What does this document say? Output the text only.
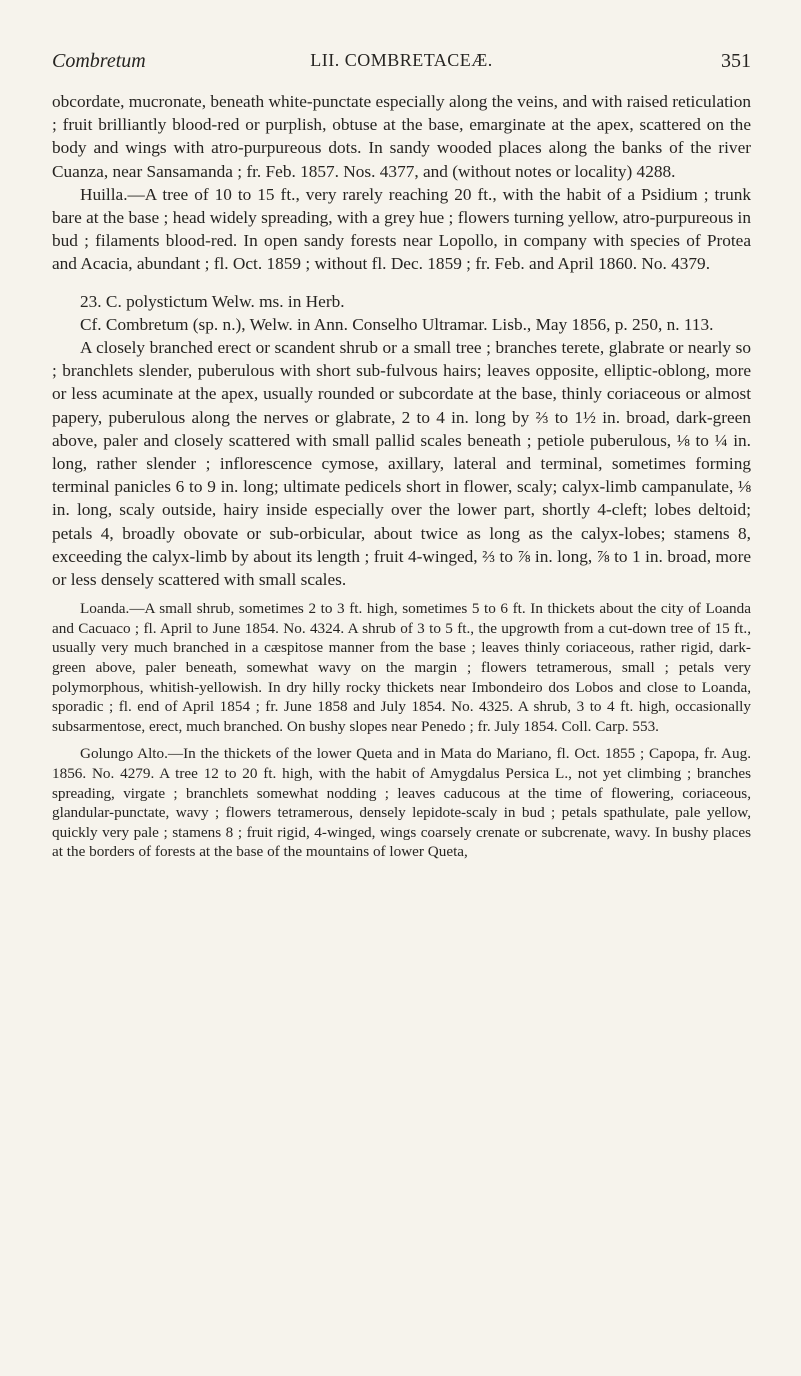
Combretum	LII. COMBRETACEÆ.	351

obcordate, mucronate, beneath white-punctate especially along the veins, and with raised reticulation ; fruit brilliantly blood-red or purplish, obtuse at the base, emarginate at the apex, scattered on the body and wings with atro-purpureous dots. In sandy wooded places along the banks of the river Cuanza, near Sansamanda ; fr. Feb. 1857. Nos. 4377, and (without notes or locality) 4288.

Huilla.—A tree of 10 to 15 ft., very rarely reaching 20 ft., with the habit of a Psidium ; trunk bare at the base ; head widely spreading, with a grey hue ; flowers turning yellow, atro-purpureous in bud ; filaments blood-red. In open sandy forests near Lopollo, in company with species of Protea and Acacia, abundant ; fl. Oct. 1859 ; without fl. Dec. 1859 ; fr. Feb. and April 1860. No. 4379.

23. C. polystictum Welw. ms. in Herb.

Cf. Combretum (sp. n.), Welw. in Ann. Conselho Ultramar. Lisb., May 1856, p. 250, n. 113.

A closely branched erect or scandent shrub or a small tree ; branches terete, glabrate or nearly so ; branchlets slender, puberulous with short sub-fulvous hairs; leaves opposite, elliptic-oblong, more or less acuminate at the apex, usually rounded or subcordate at the base, thinly coriaceous or almost papery, puberulous along the nerves or glabrate, 2 to 4 in. long by ⅔ to 1½ in. broad, dark-green above, paler and closely scattered with small pallid scales beneath ; petiole puberulous, ⅛ to ¼ in. long, rather slender ; inflorescence cymose, axillary, lateral and terminal, sometimes forming terminal panicles 6 to 9 in. long; ultimate pedicels short in flower, scaly; calyx-limb campanulate, ⅛ in. long, scaly outside, hairy inside especially over the lower part, shortly 4-cleft; lobes deltoid; petals 4, broadly obovate or sub-orbicular, about twice as long as the calyx-lobes; stamens 8, exceeding the calyx-limb by about its length ; fruit 4-winged, ⅔ to ⅞ in. long, ⅞ to 1 in. broad, more or less densely scattered with small scales.

Loanda.—A small shrub, sometimes 2 to 3 ft. high, sometimes 5 to 6 ft. In thickets about the city of Loanda and Cacuaco ; fl. April to June 1854. No. 4324. A shrub of 3 to 5 ft., the upgrowth from a cut-down tree of 15 ft., usually very much branched in a cæspitose manner from the base ; leaves thinly coriaceous, rather rigid, dark-green above, paler beneath, somewhat wavy on the margin ; flowers tetramerous, small ; petals very polymorphous, whitish-yellowish. In dry hilly rocky thickets near Imbondeiro dos Lobos and close to Loanda, sporadic ; fl. end of April 1854 ; fr. June 1858 and July 1854. No. 4325. A shrub, 3 to 4 ft. high, occasionally subsarmentose, erect, much branched. On bushy slopes near Penedo ; fr. July 1854. Coll. Carp. 553.

Golungo Alto.—In the thickets of the lower Queta and in Mata do Mariano, fl. Oct. 1855 ; Capopa, fr. Aug. 1856. No. 4279. A tree 12 to 20 ft. high, with the habit of Amygdalus Persica L., not yet climbing ; branches spreading, virgate ; branchlets somewhat nodding ; leaves caducous at the time of flowering, coriaceous, glandular-punctate, wavy ; flowers tetramerous, densely lepidote-scaly in bud ; petals spathulate, pale yellow, quickly very pale ; stamens 8 ; fruit rigid, 4-winged, wings coarsely crenate or subcrenate, wavy. In bushy places at the borders of forests at the base of the mountains of lower Queta,
